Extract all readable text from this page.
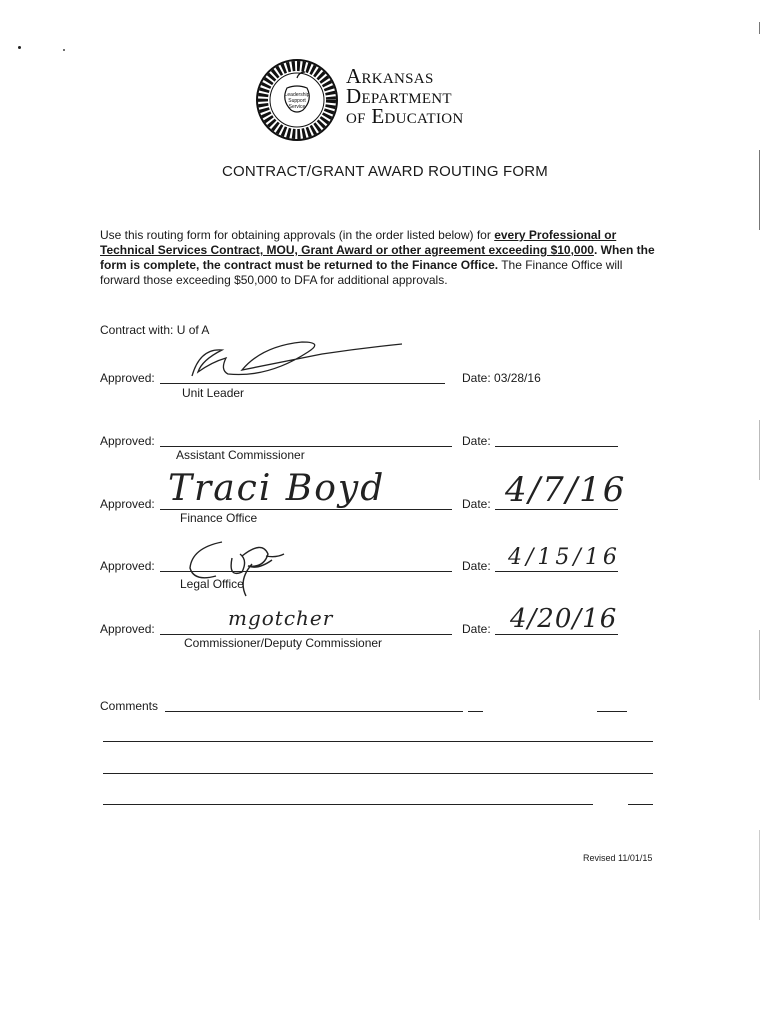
Leadership
Support
Service
Arkansas
Department
of Education
CONTRACT/GRANT AWARD ROUTING FORM
Use this routing form for obtaining approvals (in the order listed below) for every Professional or Technical Services Contract, MOU, Grant Award or other agreement exceeding $10,000. When the form is complete, the contract must be returned to the Finance Office. The Finance Office will forward those exceeding $50,000 to DFA for additional approvals.
Contract with: U of A
Approved:
Unit Leader
Date: 03/28/16
Approved:
Assistant Commissioner
Date:
Approved:
Finance Office
Traci Boyd	Date: 4/7/16
Approved:
Legal Office
Date: 4/15/16
Approved:
Commissioner/Deputy Commissioner
mgotcher	Date: 4/20/16
Comments
Revised 11/01/15
